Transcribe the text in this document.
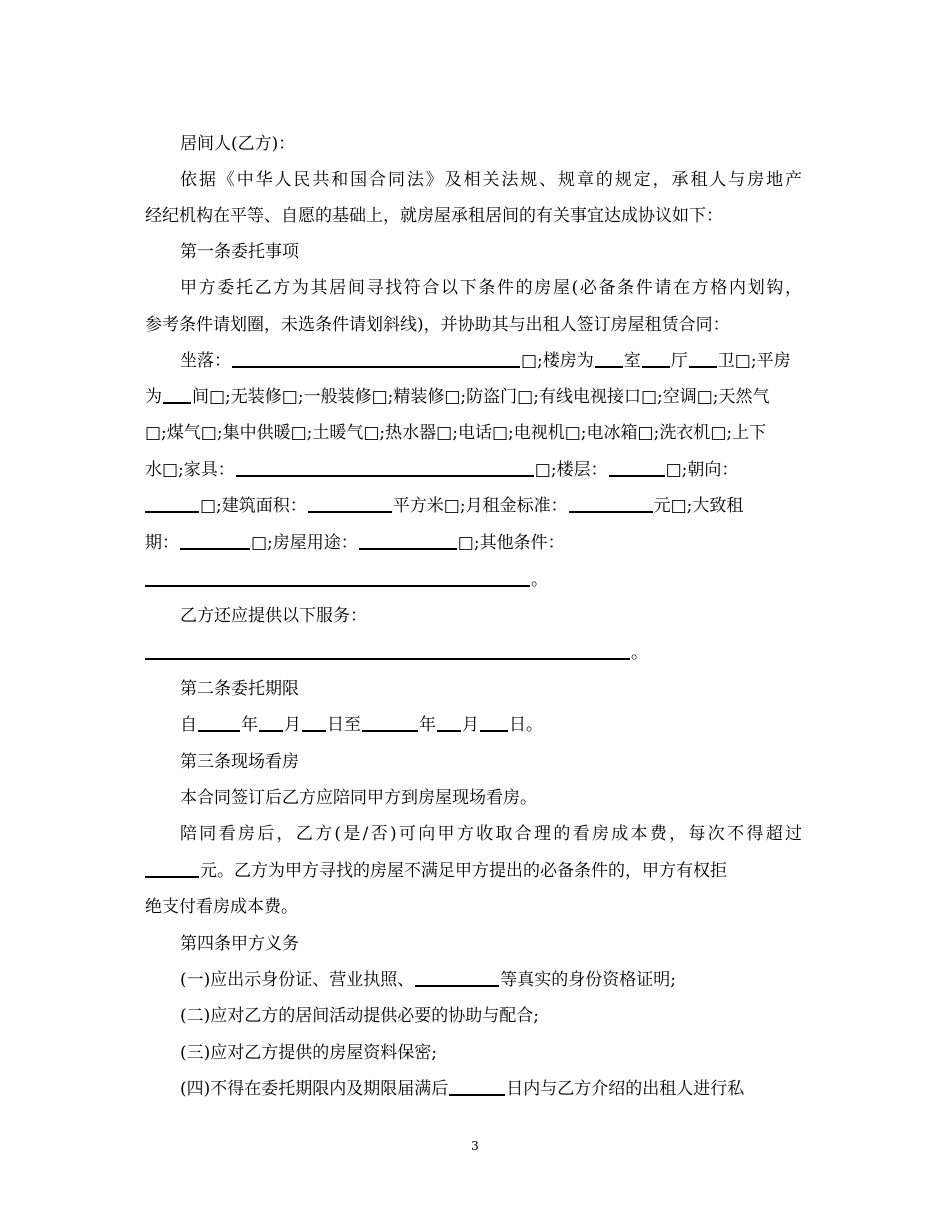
居间人(乙方)：
依据《中华人民共和国合同法》及相关法规、规章的规定，承租人与房地产
经纪机构在平等、自愿的基础上，就房屋承租居间的有关事宜达成协议如下：
第一条委托事项
甲方委托乙方为其居间寻找符合以下条件的房屋(必备条件请在方格内划钩，
参考条件请划圈，未选条件请划斜线)，并协助其与出租人签订房屋租赁合同：
坐落：	□;楼房为 室 厅 卫□;平房
为 间□;无装修□;一般装修□;精装修□;防盗门□;有线电视接口□;空调□;天然气
□;煤气□;集中供暖□;土暖气□;热水器□;电话□;电视机□;电冰箱□;洗衣机□;上下
水□;家具：	□;楼层：	□;朝向：
□;建筑面积：	平方米□;月租金标准：	元□;大致租
期：	□;房屋用途：	□;其他条件：
。
乙方还应提供以下服务：
。
第二条委托期限
自	年 月 日至	年 月 日。
第三条现场看房
本合同签订后乙方应陪同甲方到房屋现场看房。
陪同看房后，乙方(是/否)可向甲方收取合理的看房成本费，每次不得超过
元。乙方为甲方寻找的房屋不满足甲方提出的必备条件的，甲方有权拒
绝支付看房成本费。
第四条甲方义务
(一)应出示身份证、营业执照、	等真实的身份资格证明;
(二)应对乙方的居间活动提供必要的协助与配合;
(三)应对乙方提供的房屋资料保密;
(四)不得在委托期限内及期限届满后	日内与乙方介绍的出租人进行私
3
